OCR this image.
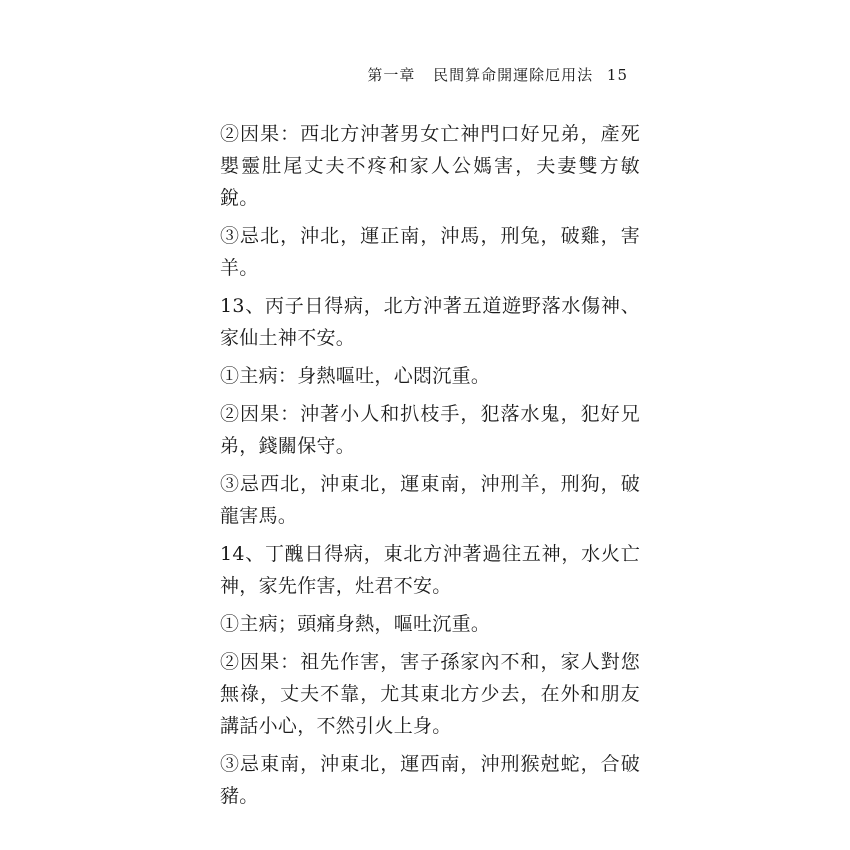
第一章 民間算命開運除厄用法 15

②因果：西北方沖著男女亡神門口好兄弟，產死嬰靈肚尾丈夫不疼和家人公媽害，夫妻雙方敏銳。

③忌北，沖北，運正南，沖馬，刑兔，破雞，害羊。

13、丙子日得病，北方沖著五道遊野落水傷神、家仙土神不安。

①主病：身熱嘔吐，心悶沉重。

②因果：沖著小人和扒枝手，犯落水鬼，犯好兄弟，錢關保守。

③忌西北，沖東北，運東南，沖刑羊，刑狗，破龍害馬。

14、丁醜日得病，東北方沖著過往五神，水火亡神，家先作害，灶君不安。

①主病；頭痛身熱，嘔吐沉重。

②因果：祖先作害，害子孫家內不和，家人對您無祿，丈夫不靠，尤其東北方少去，在外和朋友講話小心，不然引火上身。

③忌東南，沖東北，運西南，沖刑猴尅蛇，合破豬。
